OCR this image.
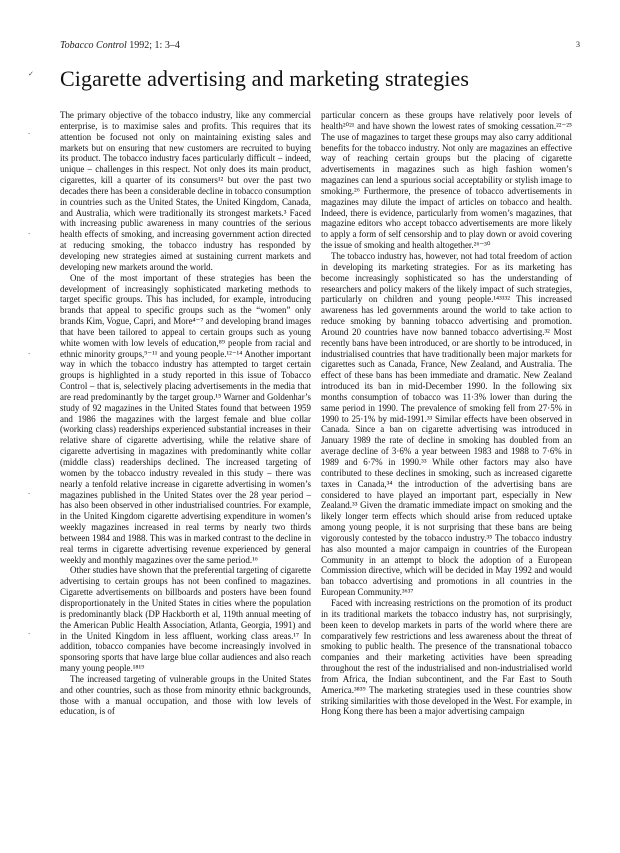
Tobacco Control 1992; 1: 3–4	3
✓
·
·
·
·
·
Cigarette advertising and marketing strategies

The primary objective of the tobacco industry, like any commercial enterprise, is to maximise sales and profits. This requires that its attention be focused not only on maintaining existing sales and markets but on ensuring that new customers are recruited to buying its product. The tobacco industry faces particularly difficult – indeed, unique – challenges in this respect. Not only does its main product, cigarettes, kill a quarter of its consumers¹² but over the past two decades there has been a considerable decline in tobacco consumption in countries such as the United States, the United Kingdom, Canada, and Australia, which were traditionally its strongest markets.³ Faced with increasing public awareness in many countries of the serious health effects of smoking, and increasing government action directed at reducing smoking, the tobacco industry has responded by developing new strategies aimed at sustaining current markets and developing new markets around the world.

One of the most important of these strategies has been the development of increasingly sophisticated marketing methods to target specific groups. This has included, for example, introducing brands that appeal to specific groups such as the “women” only brands Kim, Vogue, Capri, and More⁴⁻⁷ and developing brand images that have been tailored to appeal to certain groups such as young white women with low levels of education,⁸⁹ people from racial and ethnic minority groups,⁹⁻¹¹ and young people.¹²⁻¹⁴ Another important way in which the tobacco industry has attempted to target certain groups is highlighted in a study reported in this issue of Tobacco Control – that is, selectively placing advertisements in the media that are read predominantly by the target group.¹⁵ Warner and Goldenhar’s study of 92 magazines in the United States found that between 1959 and 1986 the magazines with the largest female and blue collar (working class) readerships experienced substantial increases in their relative share of cigarette advertising, while the relative share of cigarette advertising in magazines with predominantly white collar (middle class) readerships declined. The increased targeting of women by the tobacco industry revealed in this study – there was nearly a tenfold relative increase in cigarette advertising in women’s magazines published in the United States over the 28 year period – has also been observed in other industrialised countries. For example, in the United Kingdom cigarette advertising expenditure in women’s weekly magazines increased in real terms by nearly two thirds between 1984 and 1988. This was in marked contrast to the decline in real terms in cigarette advertising revenue experienced by general weekly and monthly magazines over the same period.¹⁶

Other studies have shown that the preferential targeting of cigarette advertising to certain groups has not been confined to magazines. Cigarette advertisements on billboards and posters have been found disproportionately in the United States in cities where the population is predominantly black (DP Hackborth et al, 119th annual meeting of the American Public Health Association, Atlanta, Georgia, 1991) and in the United Kingdom in less affluent, working class areas.¹⁷ In addition, tobacco companies have become increasingly involved in sponsoring sports that have large blue collar audiences and also reach many young people.¹⁸¹⁹

The increased targeting of vulnerable groups in the United States and other countries, such as those from minority ethnic backgrounds, those with a manual occupation, and those with low levels of education, is of

particular concern as these groups have relatively poor levels of health²⁰²¹ and have shown the lowest rates of smoking cessation.²²⁻²⁵ The use of magazines to target these groups may also carry additional benefits for the tobacco industry. Not only are magazines an effective way of reaching certain groups but the placing of cigarette advertisements in magazines such as high fashion women’s magazines can lend a spurious social acceptability or stylish image to smoking.²⁶ Furthermore, the presence of tobacco advertisements in magazines may dilute the impact of articles on tobacco and health. Indeed, there is evidence, particularly from women’s magazines, that magazine editors who accept tobacco advertisements are more likely to apply a form of self censorship and to play down or avoid covering the issue of smoking and health altogether.²⁶⁻³⁰

The tobacco industry has, however, not had total freedom of action in developing its marketing strategies. For as its marketing has become increasingly sophisticated so has the understanding of researchers and policy makers of the likely impact of such strategies, particularly on children and young people.¹⁴³¹³² This increased awareness has led governments around the world to take action to reduce smoking by banning tobacco advertising and promotion. Around 20 countries have now banned tobacco advertising.³² Most recently bans have been introduced, or are shortly to be introduced, in industrialised countries that have traditionally been major markets for cigarettes such as Canada, France, New Zealand, and Australia. The effect of these bans has been immediate and dramatic. New Zealand introduced its ban in mid-December 1990. In the following six months consumption of tobacco was 11·3% lower than during the same period in 1990. The prevalence of smoking fell from 27·5% in 1990 to 25·1% by mid-1991.³³ Similar effects have been observed in Canada. Since a ban on cigarette advertising was introduced in January 1989 the rate of decline in smoking has doubled from an average decline of 3·6% a year between 1983 and 1988 to 7·6% in 1989 and 6·7% in 1990.³³ While other factors may also have contributed to these declines in smoking, such as increased cigarette taxes in Canada,³⁴ the introduction of the advertising bans are considered to have played an important part, especially in New Zealand.³³ Given the dramatic immediate impact on smoking and the likely longer term effects which should arise from reduced uptake among young people, it is not surprising that these bans are being vigorously contested by the tobacco industry.³⁵ The tobacco industry has also mounted a major campaign in countries of the European Community in an attempt to block the adoption of a European Commission directive, which will be decided in May 1992 and would ban tobacco advertising and promotions in all countries in the European Community.³⁶³⁷

Faced with increasing restrictions on the promotion of its product in its traditional markets the tobacco industry has, not surprisingly, been keen to develop markets in parts of the world where there are comparatively few restrictions and less awareness about the threat of smoking to public health. The presence of the transnational tobacco companies and their marketing activities have been spreading throughout the rest of the industrialised and non-industrialised world from Africa, the Indian subcontinent, and the Far East to South America.³⁸³⁹ The marketing strategies used in these countries show striking similarities with those developed in the West. For example, in Hong Kong there has been a major advertising campaign
